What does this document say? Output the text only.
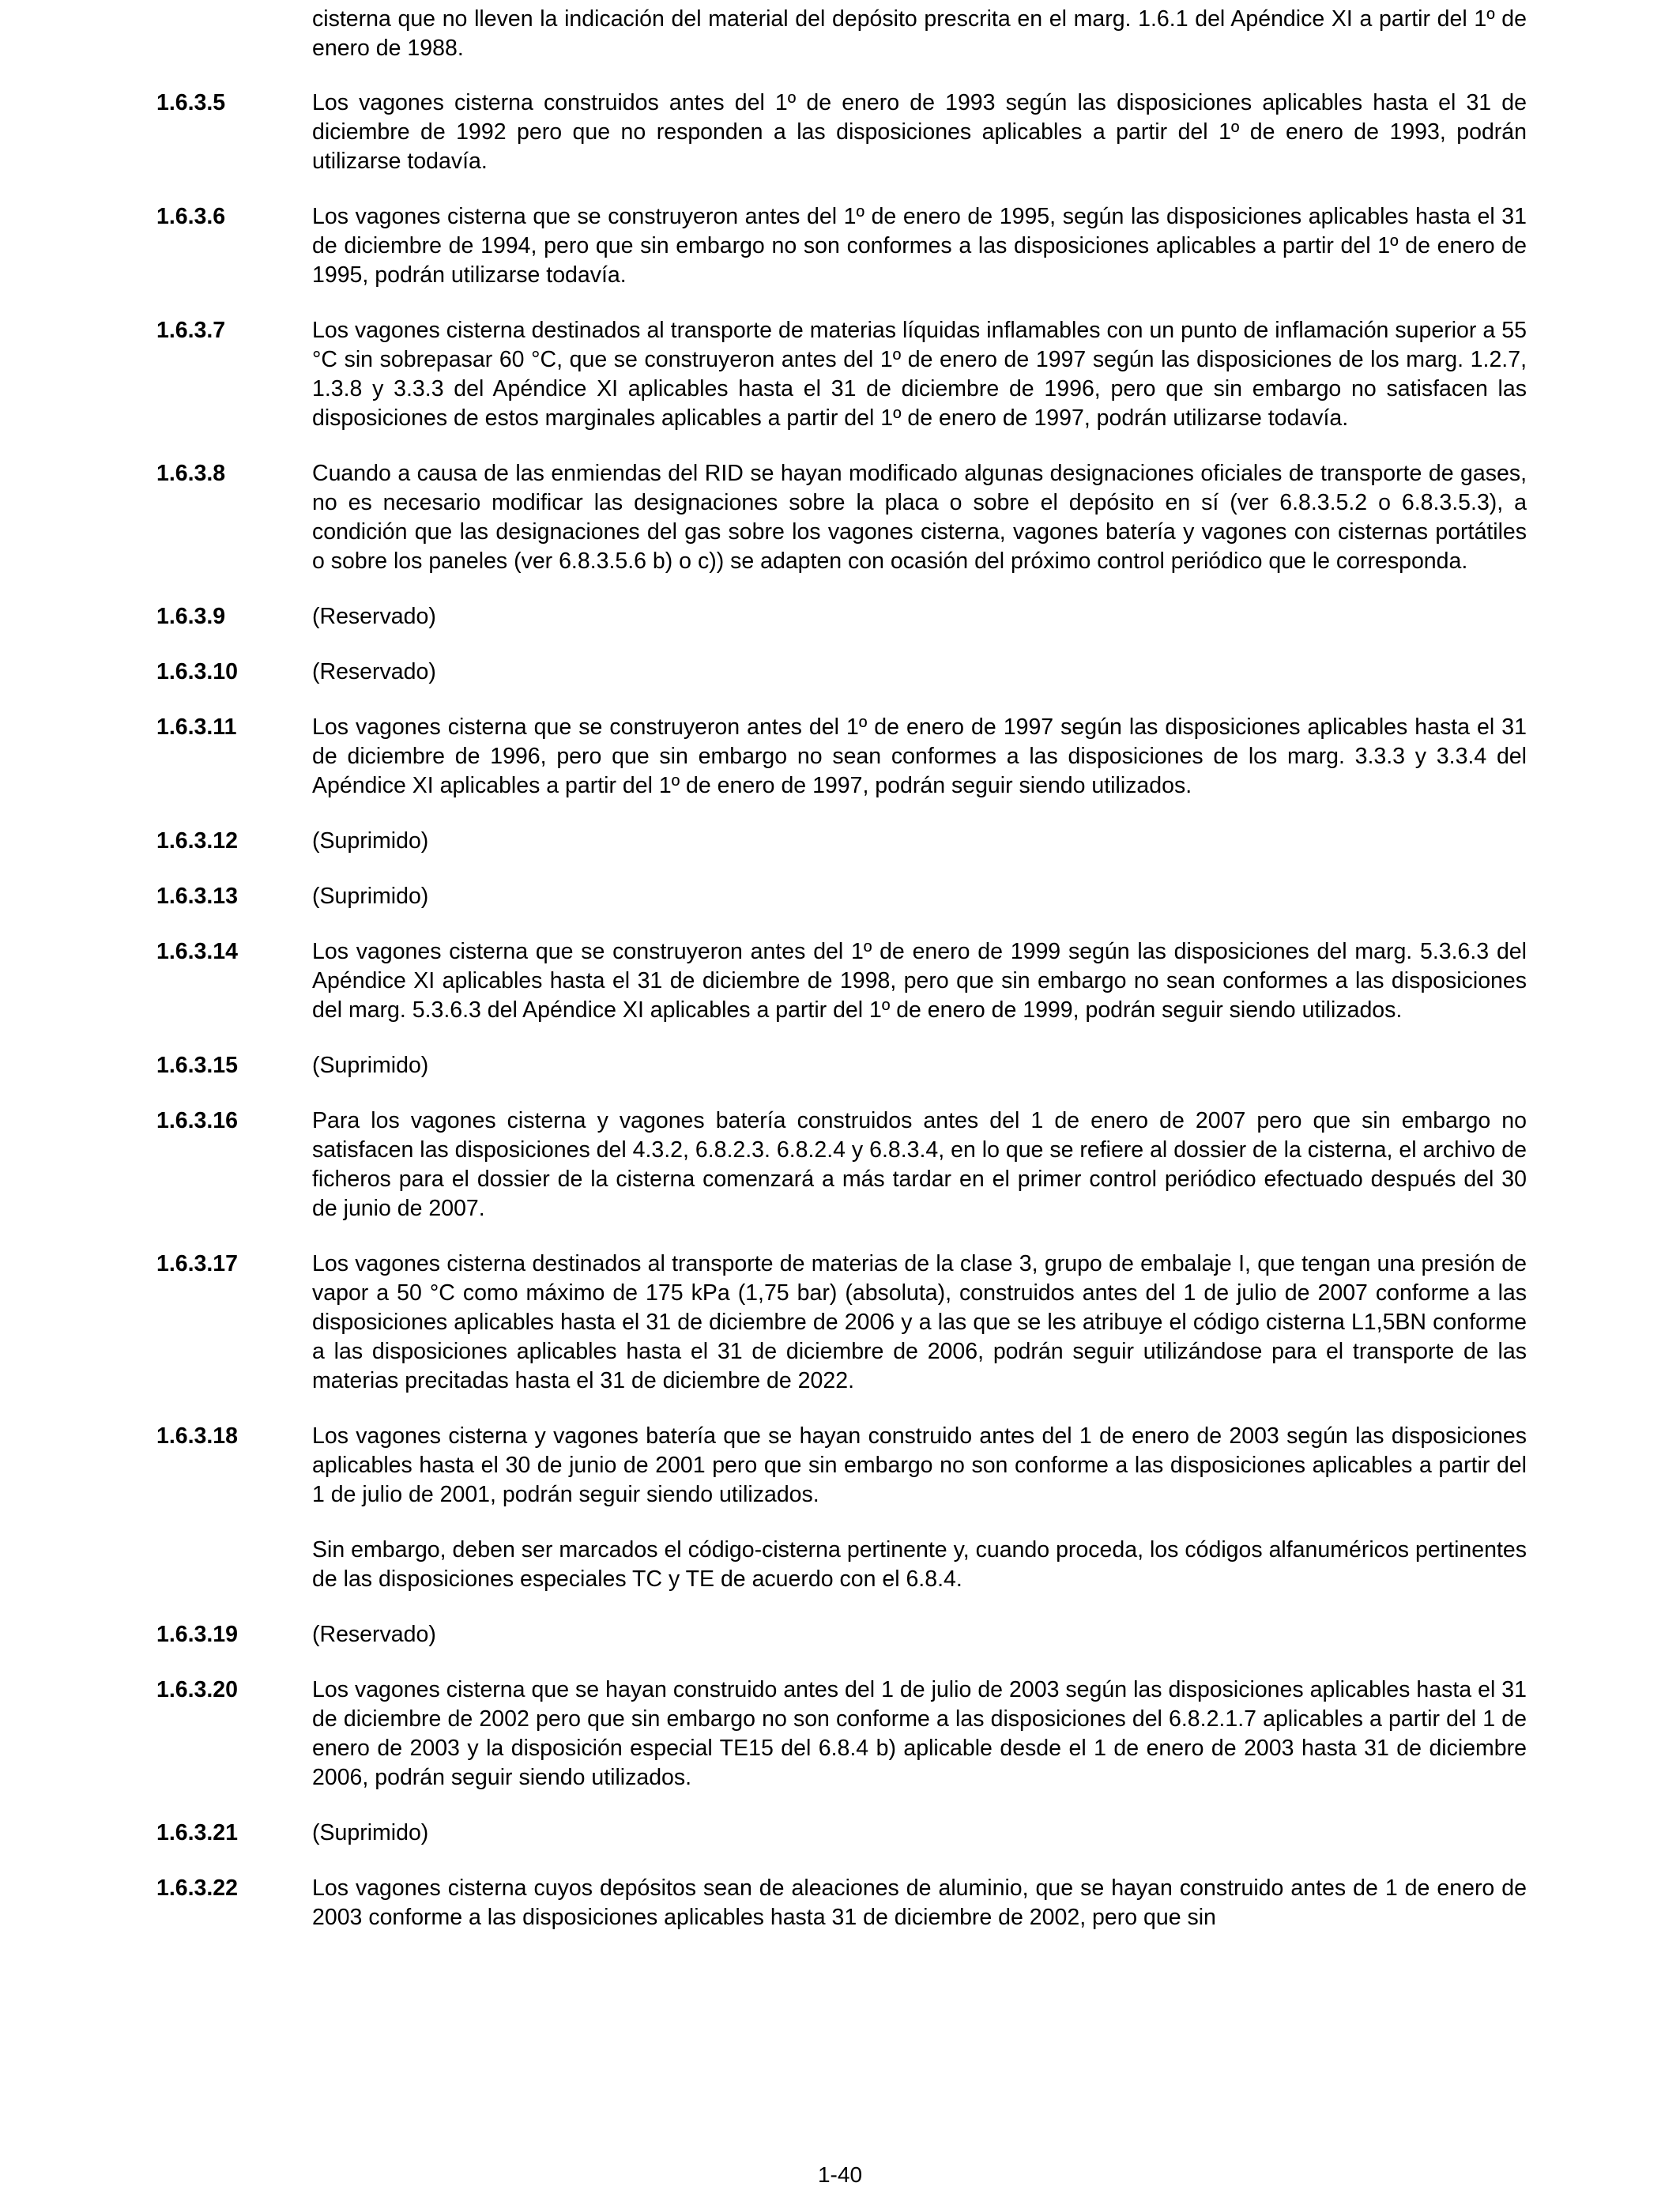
cisterna que no lleven la indicación del material del depósito prescrita en el marg. 1.6.1 del Apéndice XI a partir del 1º de enero de 1988.
1.6.3.5	Los vagones cisterna construidos antes del 1º de enero de 1993 según las disposiciones aplicables hasta el 31 de diciembre de 1992 pero que no responden a las disposiciones aplicables a partir del 1º de enero de 1993, podrán utilizarse todavía.

1.6.3.6	Los vagones cisterna que se construyeron antes del 1º de enero de 1995, según las disposiciones aplicables hasta el 31 de diciembre de 1994, pero que sin embargo no son conformes a las disposiciones aplicables a partir del 1º de enero de 1995, podrán utilizarse todavía.

1.6.3.7	Los vagones cisterna destinados al transporte de materias líquidas inflamables con un punto de inflamación superior a 55 °C sin sobrepasar 60 °C, que se construyeron antes del 1º de enero de 1997 según las disposiciones de los marg. 1.2.7, 1.3.8 y 3.3.3 del Apéndice XI aplicables hasta el 31 de diciembre de 1996, pero que sin embargo no satisfacen las disposiciones de estos marginales aplicables a partir del 1º de enero de 1997, podrán utilizarse todavía.

1.6.3.8	Cuando a causa de las enmiendas del RID se hayan modificado algunas designaciones oficiales de transporte de gases, no es necesario modificar las designaciones sobre la placa o sobre el depósito en sí (ver 6.8.3.5.2 o 6.8.3.5.3), a condición que las designaciones del gas sobre los vagones cisterna, vagones batería y vagones con cisternas portátiles o sobre los paneles (ver 6.8.3.5.6 b) o c)) se adapten con ocasión del próximo control periódico que le corresponda.

1.6.3.9	(Reservado)

1.6.3.10	(Reservado)

1.6.3.11	Los vagones cisterna que se construyeron antes del 1º de enero de 1997 según las disposiciones aplicables hasta el 31 de diciembre de 1996, pero que sin embargo no sean conformes a las disposiciones de los marg. 3.3.3 y 3.3.4 del Apéndice XI aplicables a partir del 1º de enero de 1997, podrán seguir siendo utilizados.

1.6.3.12	(Suprimido)

1.6.3.13	(Suprimido)

1.6.3.14	Los vagones cisterna que se construyeron antes del 1º de enero de 1999 según las disposiciones del marg. 5.3.6.3 del Apéndice XI aplicables hasta el 31 de diciembre de 1998, pero que sin embargo no sean conformes a las disposiciones del marg. 5.3.6.3 del Apéndice XI aplicables a partir del 1º de enero de 1999, podrán seguir siendo utilizados.

1.6.3.15	(Suprimido)

1.6.3.16	Para los vagones cisterna y vagones batería construidos antes del 1 de enero de 2007 pero que sin embargo no satisfacen las disposiciones del 4.3.2, 6.8.2.3. 6.8.2.4 y 6.8.3.4, en lo que se refiere al dossier de la cisterna, el archivo de ficheros para el dossier de la cisterna comenzará a más tardar en el primer control periódico efectuado después del 30 de junio de 2007.

1.6.3.17	Los vagones cisterna destinados al transporte de materias de la clase 3, grupo de embalaje I, que tengan una presión de vapor a 50 °C como máximo de 175 kPa (1,75 bar) (absoluta), construidos antes del 1 de julio de 2007 conforme a las disposiciones aplicables hasta el 31 de diciembre de 2006 y a las que se les atribuye el código cisterna L1,5BN conforme a las disposiciones aplicables hasta el 31 de diciembre de 2006, podrán seguir utilizándose para el transporte de las materias precitadas hasta el 31 de diciembre de 2022.

1.6.3.18	Los vagones cisterna y vagones batería que se hayan construido antes del 1 de enero de 2003 según las disposiciones aplicables hasta el 30 de junio de 2001 pero que sin embargo no son conforme a las disposiciones aplicables a partir del 1 de julio de 2001, podrán seguir siendo utilizados.

Sin embargo, deben ser marcados el código-cisterna pertinente y, cuando proceda, los códigos alfanuméricos pertinentes de las disposiciones especiales TC y TE de acuerdo con el 6.8.4.

1.6.3.19	(Reservado)

1.6.3.20	Los vagones cisterna que se hayan construido antes del 1 de julio de 2003 según las disposiciones aplicables hasta el 31 de diciembre de 2002 pero que sin embargo no son conforme a las disposiciones del 6.8.2.1.7 aplicables a partir del 1 de enero de 2003 y la disposición especial TE15 del 6.8.4 b) aplicable desde el 1 de enero de 2003 hasta 31 de diciembre 2006, podrán seguir siendo utilizados.

1.6.3.21	(Suprimido)

1.6.3.22	Los vagones cisterna cuyos depósitos sean de aleaciones de aluminio, que se hayan construido antes de 1 de enero de 2003 conforme a las disposiciones aplicables hasta 31 de diciembre de 2002, pero que sin

1-40
